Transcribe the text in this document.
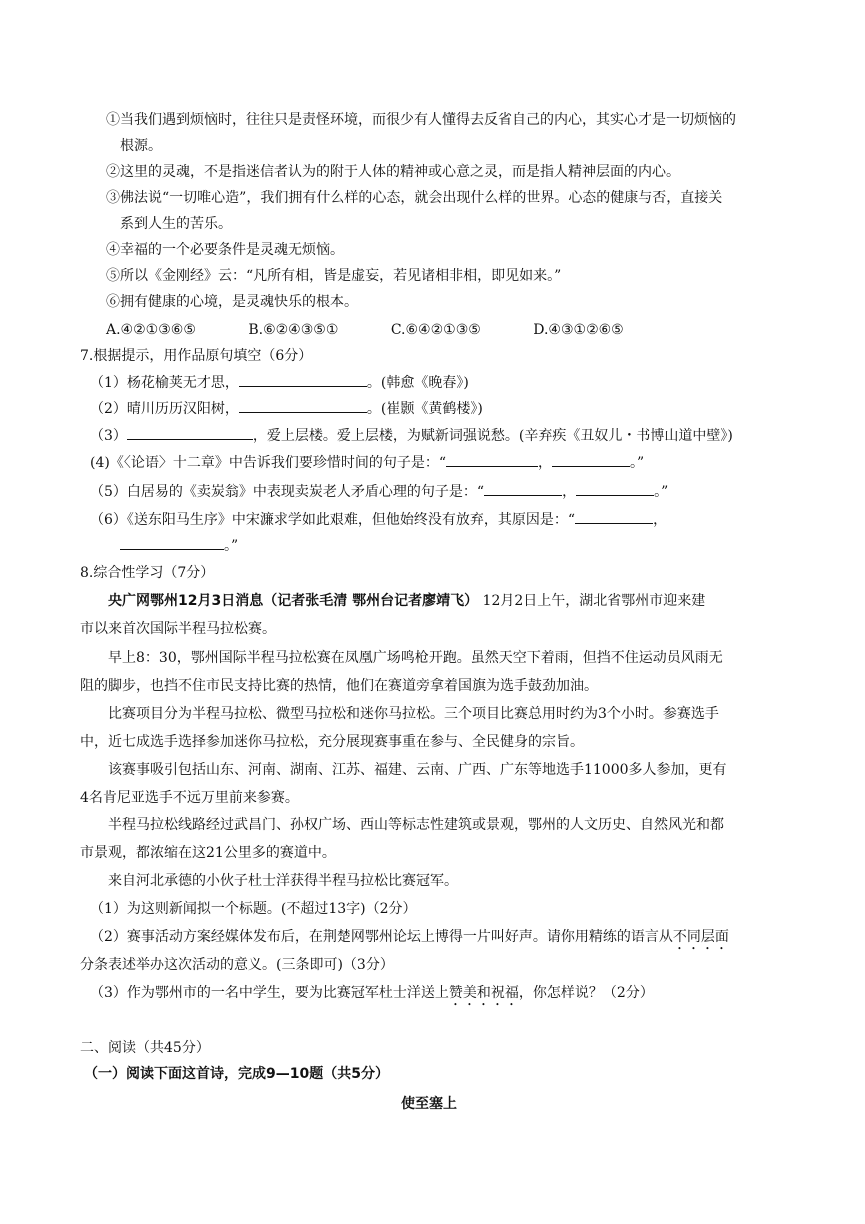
①当我们遇到烦恼时，往往只是责怪环境，而很少有人懂得去反省自己的内心，其实心才是一切烦恼的
根源。
②这里的灵魂，不是指迷信者认为的附于人体的精神或心意之灵，而是指人精神层面的内心。
③佛法说“一切唯心造”，我们拥有什么样的心态，就会出现什么样的世界。心态的健康与否，直接关
系到人生的苦乐。
④幸福的一个必要条件是灵魂无烦恼。
⑤所以《金刚经》云：“凡所有相，皆是虚妄，若见诸相非相，即见如来。”
⑥拥有健康的心境，是灵魂快乐的根本。
A.④②①③⑥⑤	B.⑥②④③⑤①	C.⑥④②①③⑤	D.④③①②⑥⑤
7.根据提示，用作品原句填空（6分）
（1）杨花榆荚无才思，	。(韩愈《晚春》)
（2）晴川历历汉阳树，	。(崔颢《黄鹤楼》)
（3）	，爱上层楼。爱上层楼，为赋新词强说愁。(辛弃疾《丑奴儿・书博山道中壁》)
(4)《〈论语〉十二章》中告诉我们要珍惜时间的句子是：“	，	。”
（5）白居易的《卖炭翁》中表现卖炭老人矛盾心理的句子是：“	，	。”
（6）《送东阳马生序》中宋濂求学如此艰难，但他始终没有放弃，其原因是：“	，
。”
8.综合性学习（7分）
央广网鄂州12月3日消息（记者张毛清 鄂州台记者廖靖飞） 12月2日上午，湖北省鄂州市迎来建
市以来首次国际半程马拉松赛。
早上8：30，鄂州国际半程马拉松赛在凤凰广场鸣枪开跑。虽然天空下着雨，但挡不住运动员风雨无
阻的脚步，也挡不住市民支持比赛的热情，他们在赛道旁拿着国旗为选手鼓劲加油。
比赛项目分为半程马拉松、微型马拉松和迷你马拉松。三个项目比赛总用时约为3个小时。参赛选手
中，近七成选手选择参加迷你马拉松，充分展现赛事重在参与、全民健身的宗旨。
该赛事吸引包括山东、河南、湖南、江苏、福建、云南、广西、广东等地选手11000多人参加，更有
4名肯尼亚选手不远万里前来参赛。
半程马拉松线路经过武昌门、孙权广场、西山等标志性建筑或景观，鄂州的人文历史、自然风光和都
市景观，都浓缩在这21公里多的赛道中。
来自河北承德的小伙子杜士洋获得半程马拉松比赛冠军。
（1）为这则新闻拟一个标题。(不超过13字)（2分）
（2）赛事活动方案经媒体发布后，在荆楚网鄂州论坛上博得一片叫好声。请你用精练的语言从不同层面
分条表述举办这次活动的意义。(三条即可)（3分）
（3）作为鄂州市的一名中学生，要为比赛冠军杜士洋送上赞美和祝福，你怎样说？（2分）
二、阅读（共45分）
（一）阅读下面这首诗，完成9—10题（共5分）
使至塞上
